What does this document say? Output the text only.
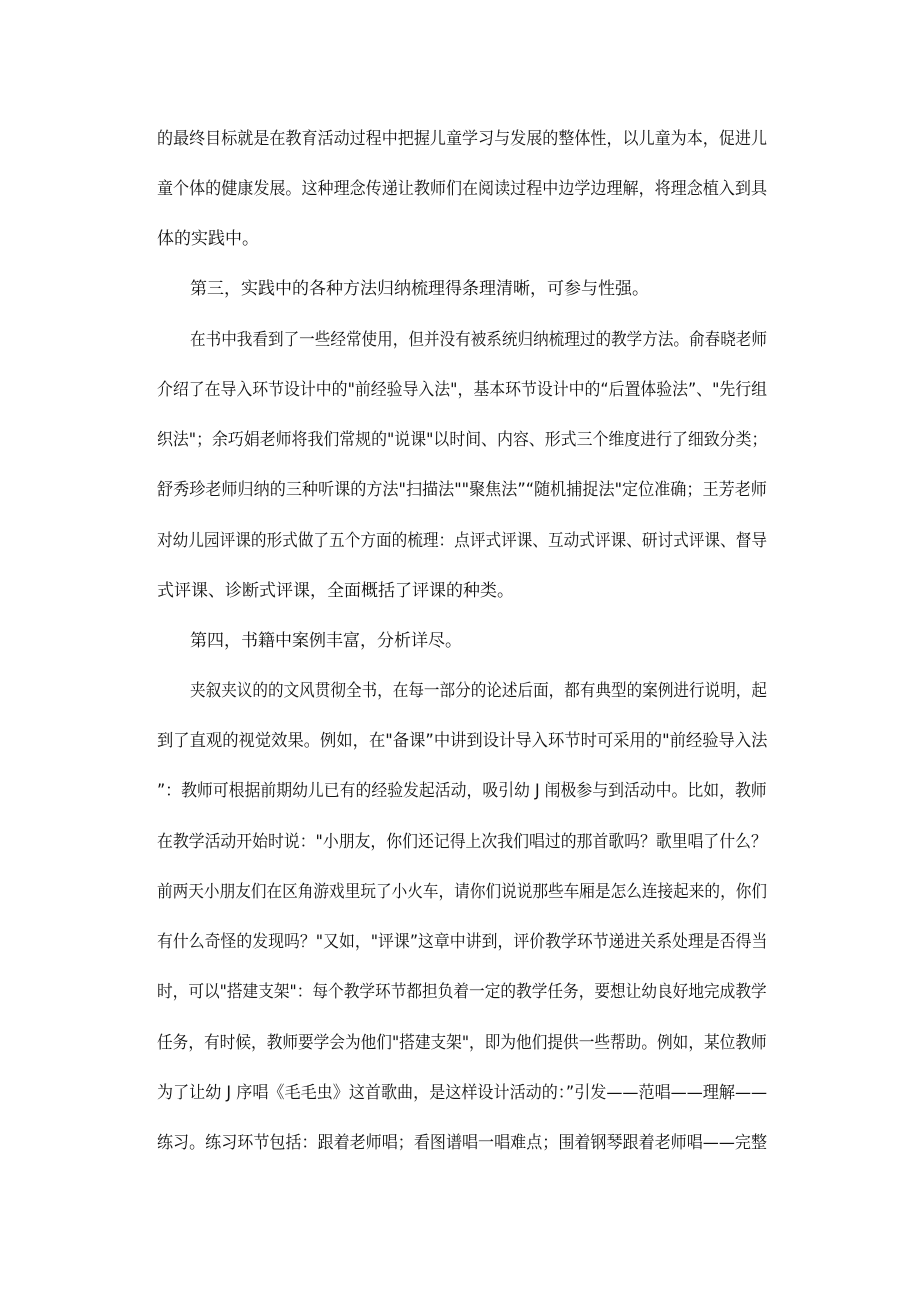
的最终目标就是在教育活动过程中把握儿童学习与发展的整体性，以儿童为本，促进儿
童个体的健康发展。这种理念传递让教师们在阅读过程中边学边理解，将理念植入到具
体的实践中。
第三，实践中的各种方法归纳梳理得条理清晰，可参与性强。
在书中我看到了一些经常使用，但并没有被系统归纳梳理过的教学方法。俞春晓老师
介绍了在导入环节设计中的"前经验导入法"，基本环节设计中的“后置体验法”、"先行组
织法"；余巧娟老师将我们常规的"说课"以时间、内容、形式三个维度进行了细致分类；
舒秀珍老师归纳的三种听课的方法"扫描法""聚焦法”“随机捕捉法"定位准确；王芳老师
对幼儿园评课的形式做了五个方面的梳理：点评式评课、互动式评课、研讨式评课、督导
式评课、诊断式评课，全面概括了评课的种类。
第四，书籍中案例丰富，分析详尽。
夹叙夹议的的文风贯彻全书，在每一部分的论述后面，都有典型的案例进行说明，起
到了直观的视觉效果。例如，在"备课”中讲到设计导入环节时可采用的"前经验导入法
”：教师可根据前期幼儿已有的经验发起活动，吸引幼 J 闱极参与到活动中。比如，教师
在教学活动开始时说："小朋友，你们还记得上次我们唱过的那首歌吗？歌里唱了什么？
前两天小朋友们在区角游戏里玩了小火车，请你们说说那些车厢是怎么连接起来的，你们
有什么奇怪的发现吗？"又如，"评课”这章中讲到，评价教学环节递进关系处理是否得当
时，可以"搭建支架"：每个教学环节都担负着一定的教学任务，要想让幼良好地完成教学
任务，有时候，教师要学会为他们"搭建支架"，即为他们提供一些帮助。例如，某位教师
为了让幼 J 序唱《毛毛虫》这首歌曲，是这样设计活动的：”引发——范唱——理解——
练习。练习环节包括：跟着老师唱；看图谱唱一唱难点；围着钢琴跟着老师唱——完整
